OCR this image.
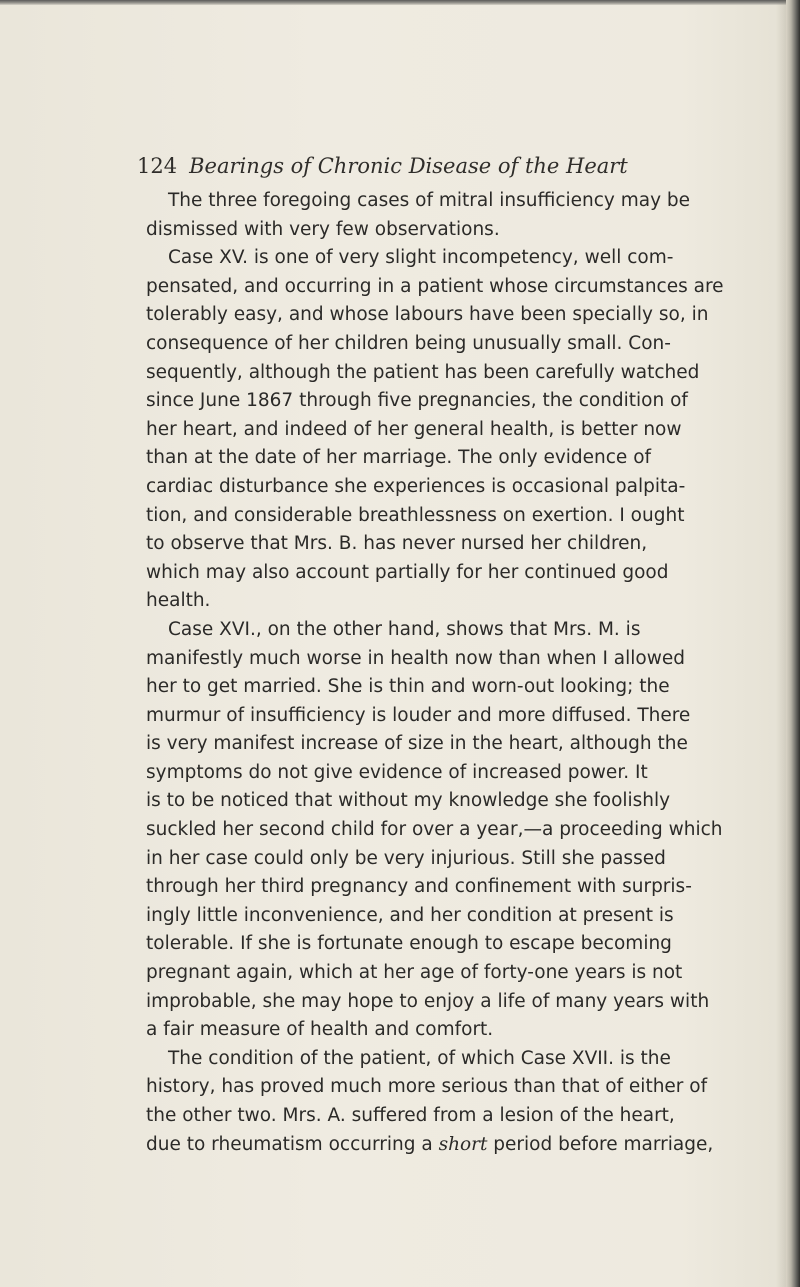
124 Bearings of Chronic Disease of the Heart
The three foregoing cases of mitral insufficiency may be
dismissed with very few observations.
Case XV. is one of very slight incompetency, well com-
pensated, and occurring in a patient whose circumstances are
tolerably easy, and whose labours have been specially so, in
consequence of her children being unusually small. Con-
sequently, although the patient has been carefully watched
since June 1867 through five pregnancies, the condition of
her heart, and indeed of her general health, is better now
than at the date of her marriage. The only evidence of
cardiac disturbance she experiences is occasional palpita-
tion, and considerable breathlessness on exertion. I ought
to observe that Mrs. B. has never nursed her children,
which may also account partially for her continued good
health.
Case XVI., on the other hand, shows that Mrs. M. is
manifestly much worse in health now than when I allowed
her to get married. She is thin and worn-out looking; the
murmur of insufficiency is louder and more diffused. There
is very manifest increase of size in the heart, although the
symptoms do not give evidence of increased power. It
is to be noticed that without my knowledge she foolishly
suckled her second child for over a year,—a proceeding which
in her case could only be very injurious. Still she passed
through her third pregnancy and confinement with surpris-
ingly little inconvenience, and her condition at present is
tolerable. If she is fortunate enough to escape becoming
pregnant again, which at her age of forty-one years is not
improbable, she may hope to enjoy a life of many years with
a fair measure of health and comfort.
The condition of the patient, of which Case XVII. is the
history, has proved much more serious than that of either of
the other two. Mrs. A. suffered from a lesion of the heart,
due to rheumatism occurring a short period before marriage,
